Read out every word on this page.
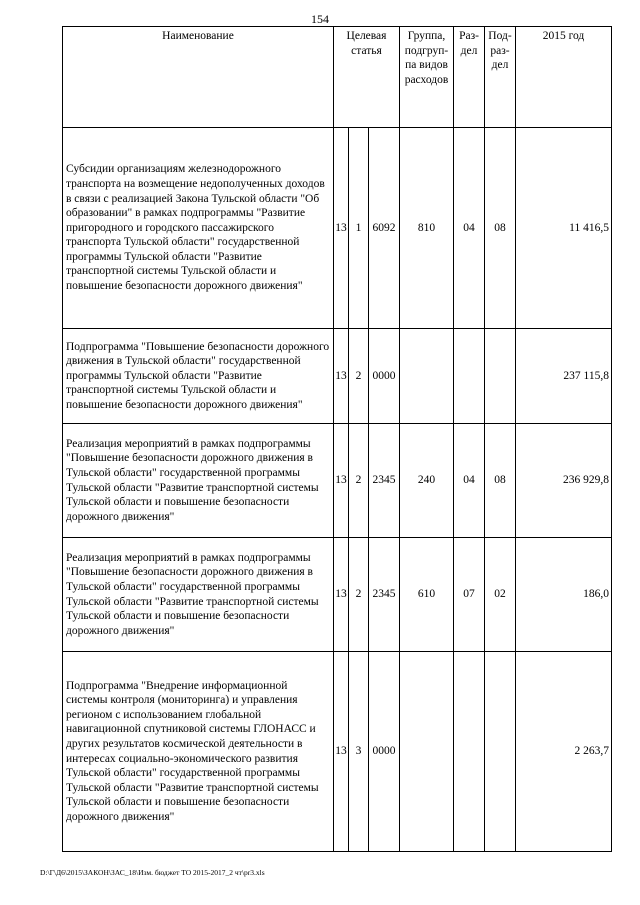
154
Наименование	Целевая статья			Группа, подгруп-па видов расходов	Раз-дел	Под-раз-дел	2015 год
Субсидии организациям железнодорожного транспорта на возмещение недополученных доходов в связи с реализацией Закона Тульской области "Об образовании" в рамках подпрограммы "Развитие пригородного и городского пассажирского транспорта Тульской области" государственной программы Тульской области "Развитие транспортной системы Тульской области и повышение безопасности дорожного движения"	13	1	6092	810	04	08	11 416,5
Подпрограмма "Повышение безопасности дорожного движения в Тульской области" государственной программы Тульской области "Развитие транспортной системы Тульской области и повышение безопасности дорожного движения"	13	2	0000				237 115,8
Реализация мероприятий в рамках подпрограммы "Повышение безопасности дорожного движения в Тульской области" государственной программы Тульской области "Развитие транспортной системы Тульской области и повышение безопасности дорожного движения"	13	2	2345	240	04	08	236 929,8
Реализация мероприятий в рамках подпрограммы "Повышение безопасности дорожного движения в Тульской области" государственной программы Тульской области "Развитие транспортной системы Тульской области и повышение безопасности дорожного движения"	13	2	2345	610	07	02	186,0
Подпрограмма "Внедрение информационной системы контроля (мониторинга) и управления регионом с использованием глобальной навигационной спутниковой системы ГЛОНАСС и других результатов космической деятельности в интересах социально-экономического развития Тульской области" государственной программы Тульской области "Развитие транспортной системы Тульской области и повышение безопасности дорожного движения"	13	3	0000				2 263,7
D:\Г\Д6\2015\ЗАКОН\ЗАС_18\Изм. бюджет ТО 2015-2017_2 чт\pr3.xls
